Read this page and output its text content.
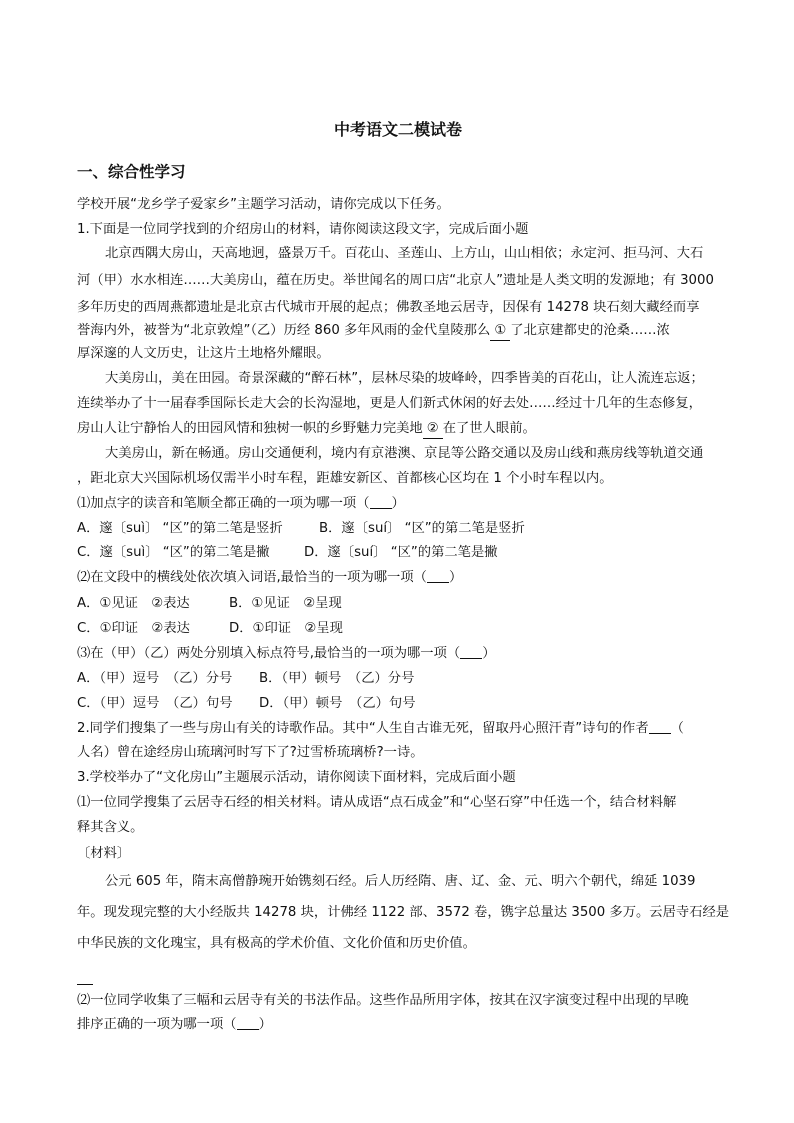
中考语文二模试卷
一、综合性学习
学校开展“龙乡学子爱家乡”主题学习活动，请你完成以下任务。
1.下面是一位同学找到的介绍房山的材料，请你阅读这段文字，完成后面小题
北京西隅大房山，天高地迥，盛景万千。百花山、圣莲山、上方山，山山相依；永定河、拒马河、大石
河（甲）水水相连……大美房山，蕴在历史。举世闻名的周口店“北京人”遗址是人类文明的发源地；有 3000
多年历史的西周燕都遗址是北京古代城市开展的起点；佛教圣地云居寺，因保有 14278 块石刻大藏经而享
誉海内外，被誉为“北京敦煌”（乙）历经 860 多年风雨的金代皇陵那么 ① 了北京建都史的沧桑……浓
厚深邃的人文历史，让这片土地格外耀眼。
大美房山，美在田园。奇景深藏的“醉石林”，层林尽染的坡峰岭，四季皆美的百花山，让人流连忘返；
连续举办了十一届春季国际长走大会的长沟湿地，更是人们新式休闲的好去处……经过十几年的生态修复，
房山人让宁静怡人的田园风情和独树一帜的乡野魅力完美地 ② 在了世人眼前。
大美房山，新在畅通。房山交通便利，境内有京港澳、京昆等公路交通以及房山线和燕房线等轨道交通
，距北京大兴国际机场仅需半小时车程，距雄安新区、首都核心区均在 1 个小时车程以内。
⑴加点字的读音和笔顺全都正确的一项为哪一项（ ）
A．邃〔suì〕 “区”的第二笔是竖折	B．邃〔suí〕 “区”的第二笔是竖折
C．邃〔suì〕 “区”的第二笔是撇	D．邃〔suí〕 “区”的第二笔是撇
⑵在文段中的横线处依次填入词语,最恰当的一项为哪一项（ ）
A．①见证　②表达	B．①见证　②呈现
C．①印证　②表达	D．①印证　②呈现
⑶在（甲）（乙）两处分别填入标点符号,最恰当的一项为哪一项（ ）
A．（甲）逗号　（乙）分号 B．（甲）顿号　（乙）分号
C．（甲）逗号　（乙）句号 D．（甲）顿号　（乙）句号
2.同学们搜集了一些与房山有关的诗歌作品。其中“人生自古谁无死，留取丹心照汗青”诗句的作者 （
人名）曾在途经房山琉璃河时写下了?过雪桥琉璃桥?一诗。
3.学校举办了“文化房山”主题展示活动，请你阅读下面材料，完成后面小题
⑴一位同学搜集了云居寺石经的相关材料。请从成语“点石成金”和“心坚石穿”中任选一个，结合材料解
释其含义。
〔材料〕
公元 605 年，隋末高僧静琬开始镌刻石经。后人历经隋、唐、辽、金、元、明六个朝代，绵延 1039
年。现发现完整的大小经版共 14278 块，计佛经 1122 部、3572 卷，镌字总量达 3500 多万。云居寺石经是
中华民族的文化瑰宝，具有极高的学术价值、文化价值和历史价值。
⑵一位同学收集了三幅和云居寺有关的书法作品。这些作品所用字体，按其在汉字演变过程中出现的早晚
排序正确的一项为哪一项（ ）
